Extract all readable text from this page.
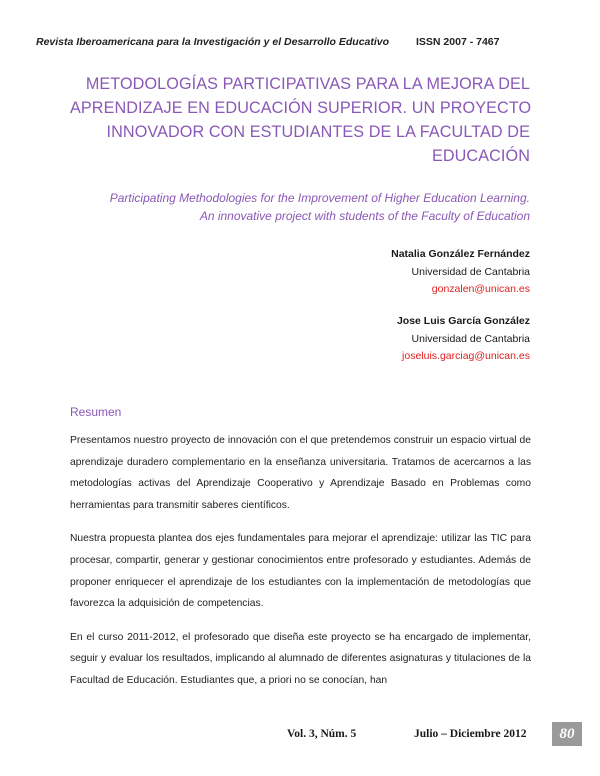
Revista Iberoamericana para la Investigación y el Desarrollo Educativo	ISSN 2007 - 7467
METODOLOGÍAS PARTICIPATIVAS PARA LA MEJORA DEL
APRENDIZAJE EN EDUCACIÓN SUPERIOR. UN PROYECTO
INNOVADOR CON ESTUDIANTES DE LA FACULTAD DE
EDUCACIÓN
Participating Methodologies for the Improvement of Higher Education Learning.
An innovative project with students of the Faculty of Education
Natalia González Fernández
Universidad de Cantabria
gonzalen@unican.es
Jose Luis García González
Universidad de Cantabria
joseluis.garciag@unican.es
Resumen

Presentamos nuestro proyecto de innovación con el que pretendemos construir un espacio virtual de aprendizaje duradero complementario en la enseñanza universitaria. Tratamos de acercarnos a las metodologías activas del Aprendizaje Cooperativo y Aprendizaje Basado en Problemas como herramientas para transmitir saberes científicos.

Nuestra propuesta plantea dos ejes fundamentales para mejorar el aprendizaje: utilizar las TIC para procesar, compartir, generar y gestionar conocimientos entre profesorado y estudiantes. Además de proponer enriquecer el aprendizaje de los estudiantes con la implementación de metodologías que favorezca la adquisición de competencias.

En el curso 2011-2012, el profesorado que diseña este proyecto se ha encargado de implementar, seguir y evaluar los resultados, implicando al alumnado de diferentes asignaturas y titulaciones de la Facultad de Educación. Estudiantes que, a priori no se conocían, han

Vol. 3, Núm. 5	Julio – Diciembre 2012	80
